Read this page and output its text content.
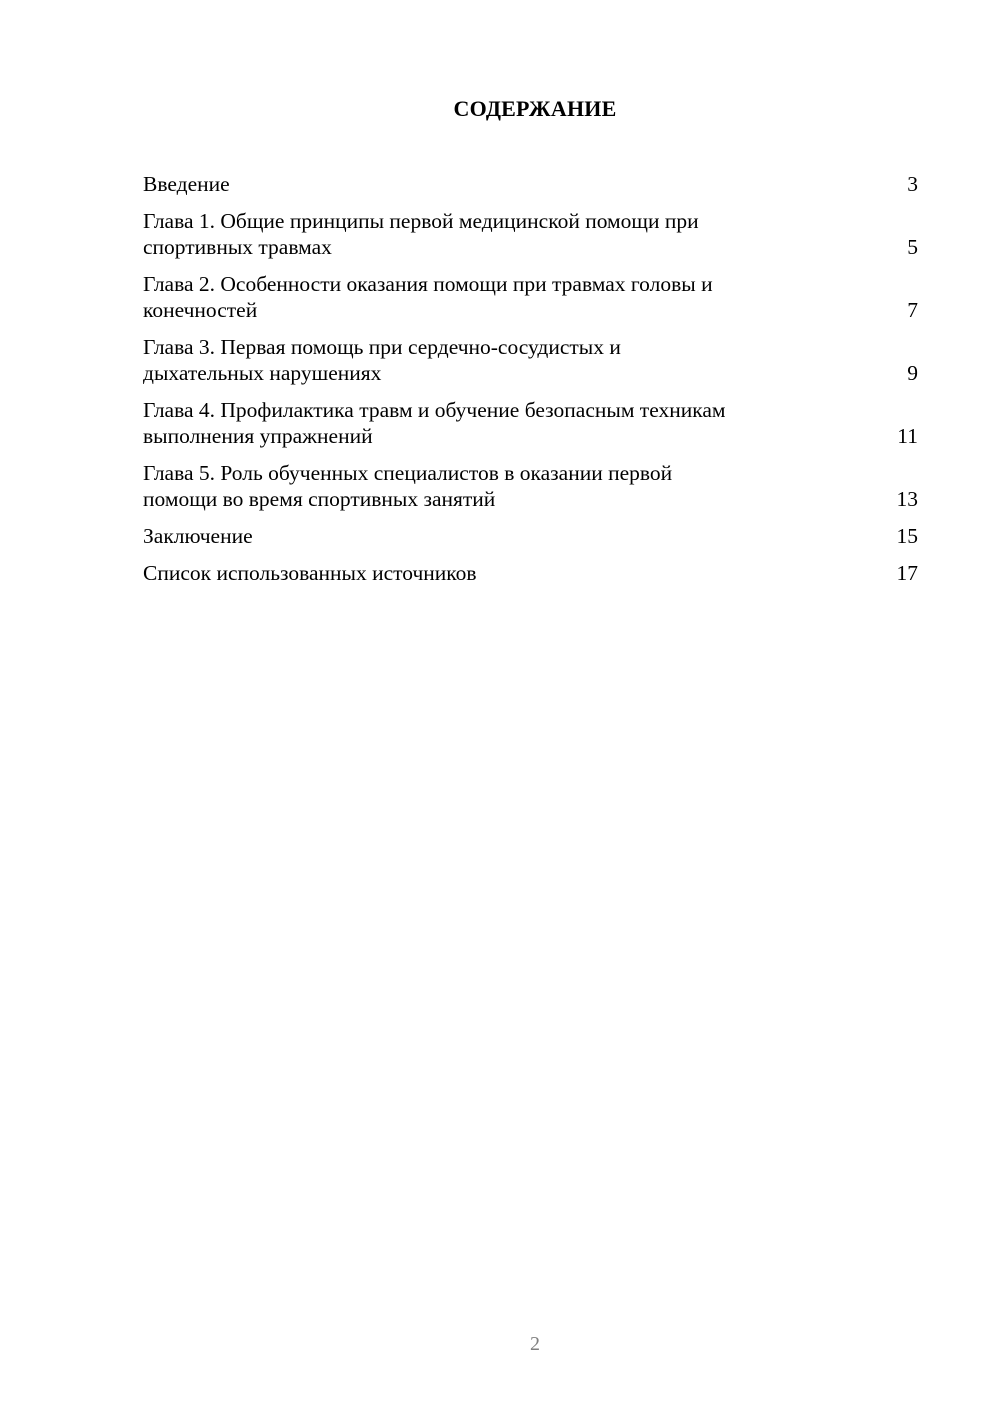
СОДЕРЖАНИЕ
Введение	3
Глава 1. Общие принципы первой медицинской помощи при
спортивных травмах	5
Глава 2. Особенности оказания помощи при травмах головы и
конечностей	7
Глава 3. Первая помощь при сердечно-сосудистых и
дыхательных нарушениях	9
Глава 4. Профилактика травм и обучение безопасным техникам
выполнения упражнений	11
Глава 5. Роль обученных специалистов в оказании первой
помощи во время спортивных занятий	13
Заключение	15
Список использованных источников	17
2
